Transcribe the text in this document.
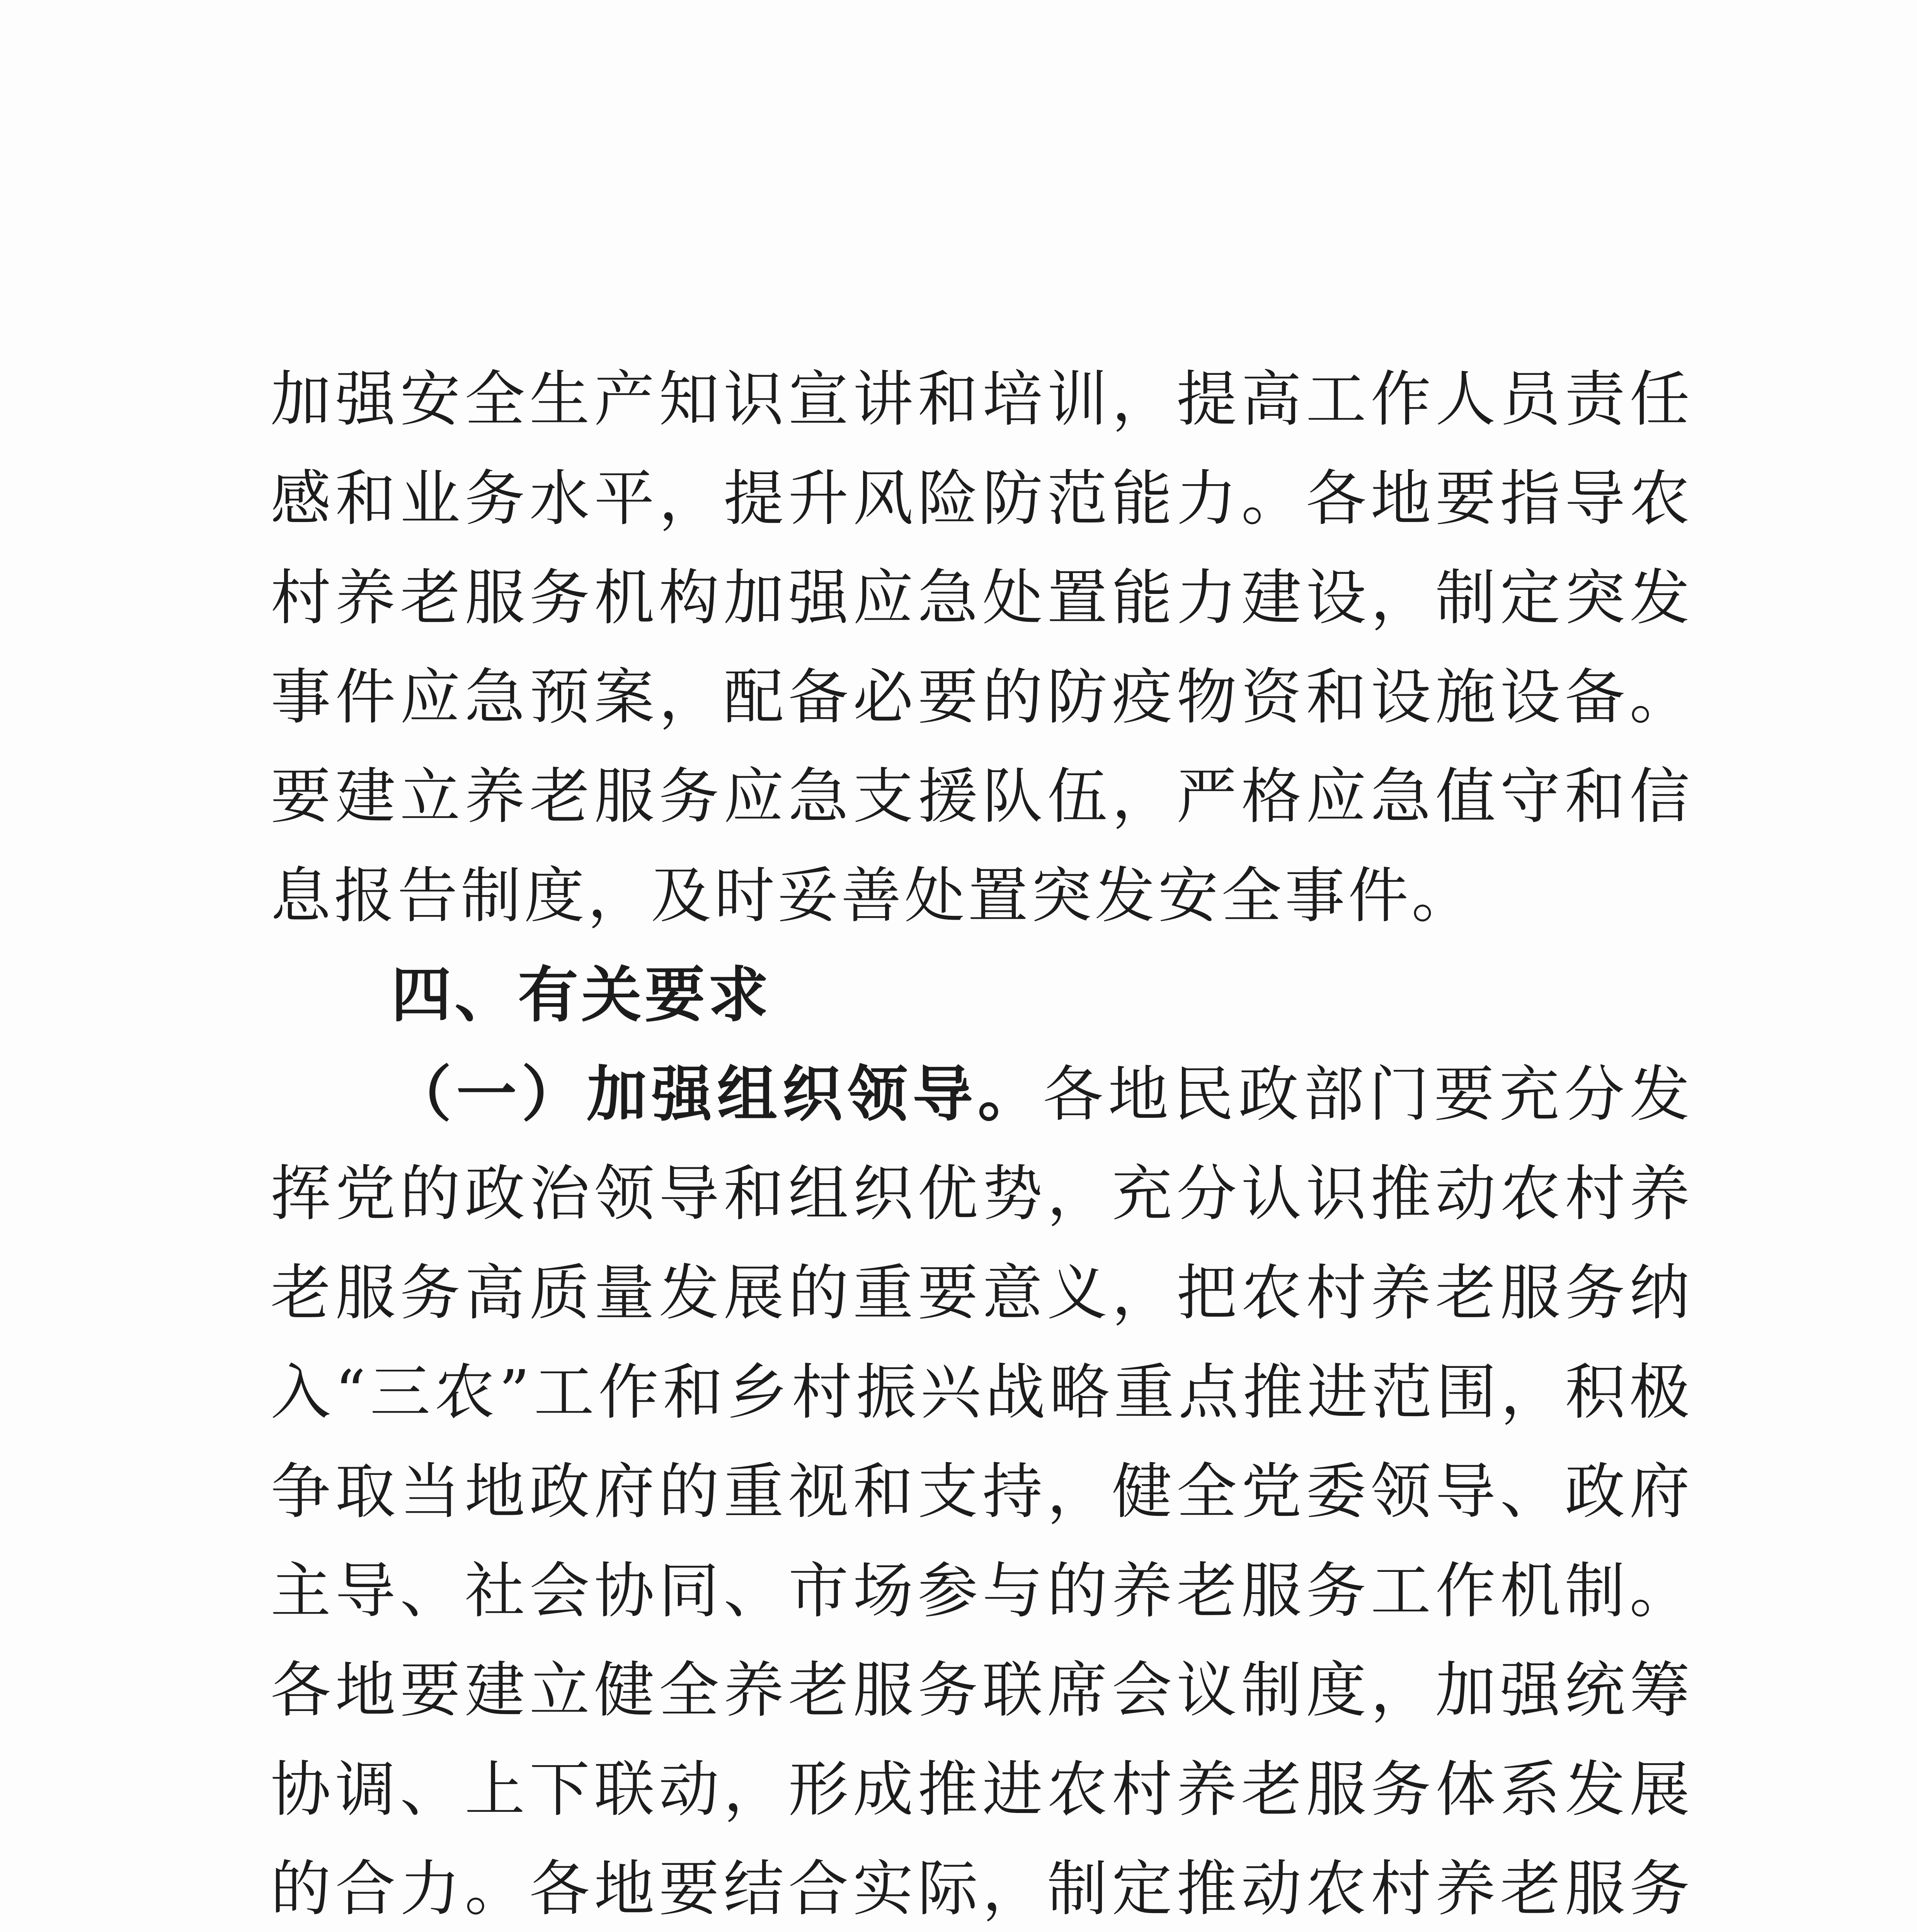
加强安全生产知识宣讲和培训，提高工作人员责任感和业务水平，提升风险防范能力。各地要指导农村养老服务机构加强应急处置能力建设，制定突发事件应急预案，配备必要的防疫物资和设施设备。要建立养老服务应急支援队伍，严格应急值守和信息报告制度，及时妥善处置突发安全事件。

四、有关要求

（一）加强组织领导。各地民政部门要充分发挥党的政治领导和组织优势，充分认识推动农村养老服务高质量发展的重要意义，把农村养老服务纳入“三农”工作和乡村振兴战略重点推进范围，积极争取当地政府的重视和支持，健全党委领导、政府主导、社会协同、市场参与的养老服务工作机制。各地要建立健全养老服务联席会议制度，加强统筹协调、上下联动，形成推进农村养老服务体系发展的合力。各地要结合实际，制定推动农村养老服务
